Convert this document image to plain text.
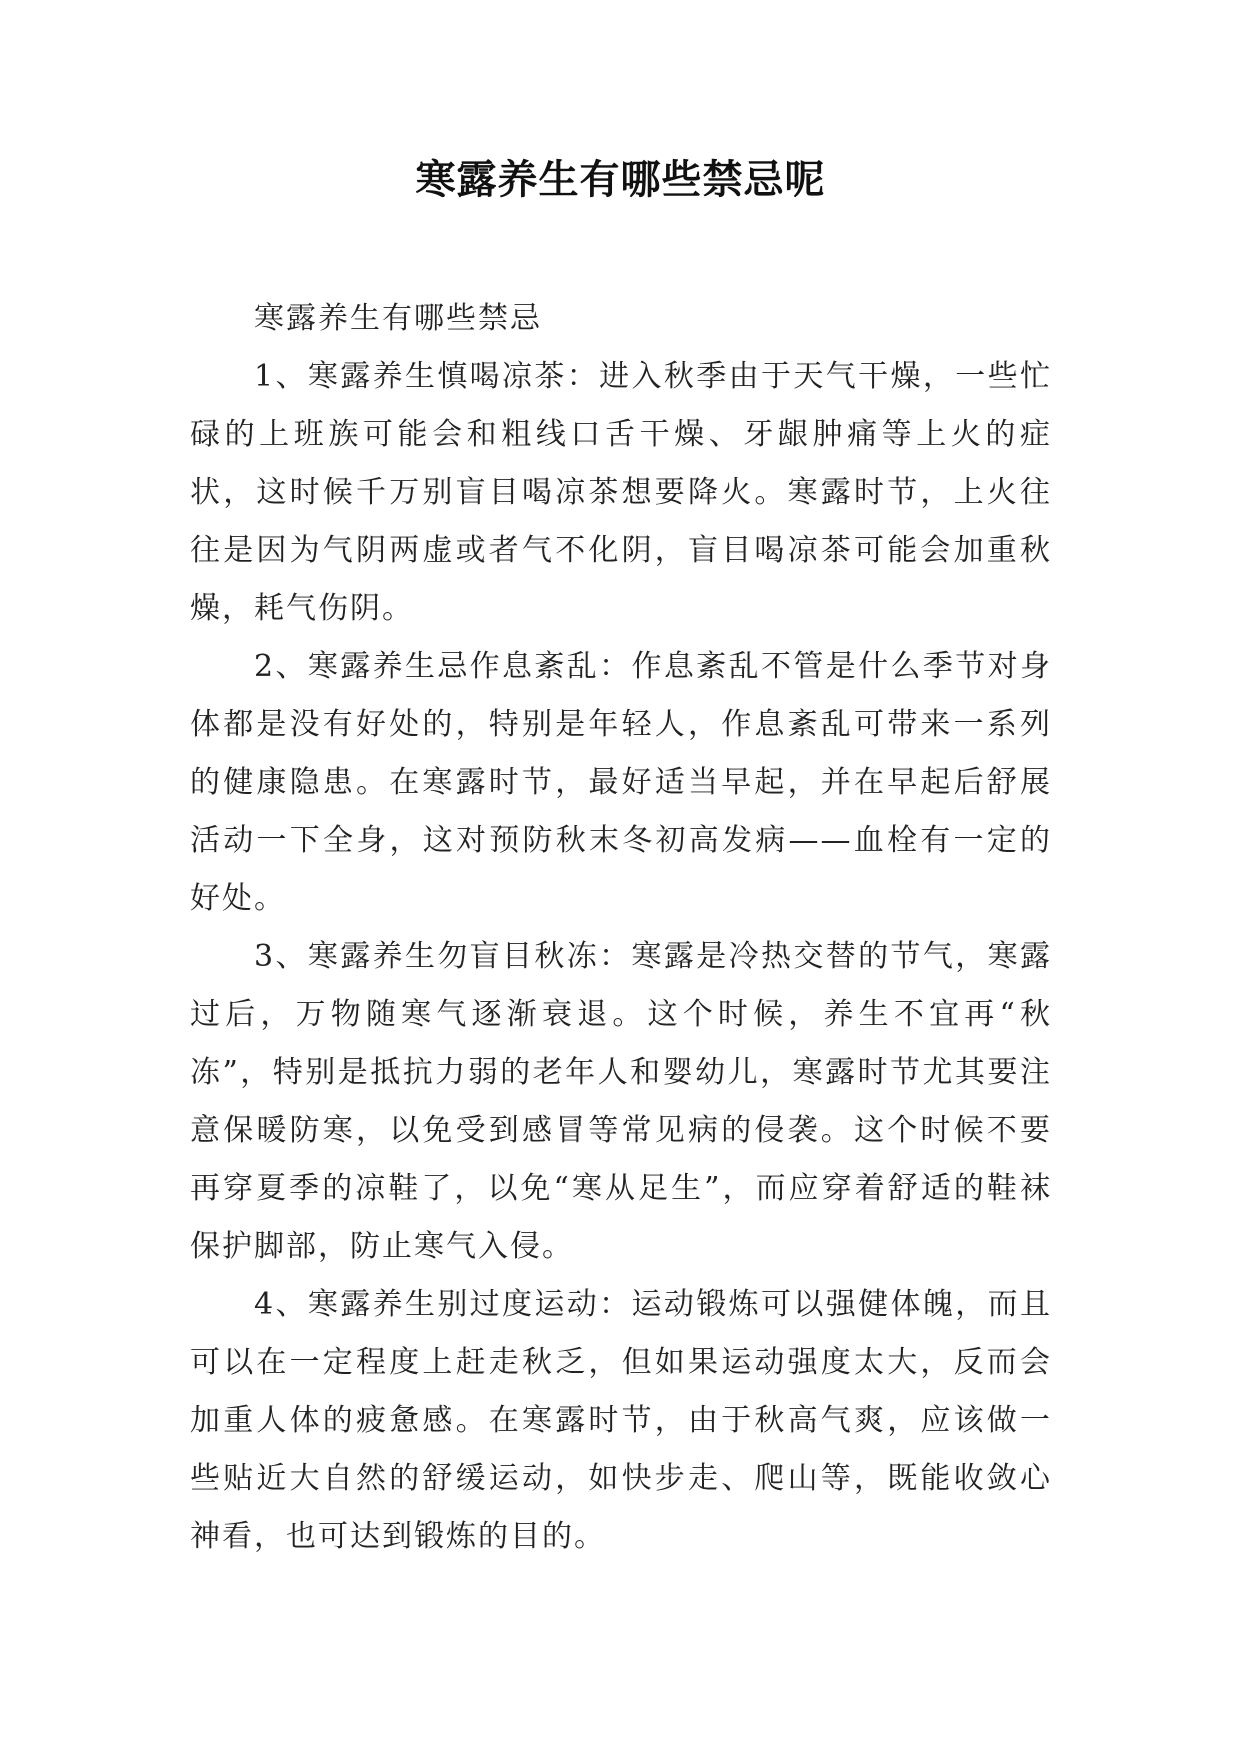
寒露养生有哪些禁忌呢

寒露养生有哪些禁忌

1、寒露养生慎喝凉茶：进入秋季由于天气干燥，一些忙碌的上班族可能会和粗线口舌干燥、牙龈肿痛等上火的症状，这时候千万别盲目喝凉茶想要降火。寒露时节，上火往往是因为气阴两虚或者气不化阴，盲目喝凉茶可能会加重秋燥，耗气伤阴。

2、寒露养生忌作息紊乱：作息紊乱不管是什么季节对身体都是没有好处的，特别是年轻人，作息紊乱可带来一系列的健康隐患。在寒露时节，最好适当早起，并在早起后舒展活动一下全身，这对预防秋末冬初高发病——血栓有一定的好处。

3、寒露养生勿盲目秋冻：寒露是冷热交替的节气，寒露过后，万物随寒气逐渐衰退。这个时候，养生不宜再“秋冻”，特别是抵抗力弱的老年人和婴幼儿，寒露时节尤其要注意保暖防寒，以免受到感冒等常见病的侵袭。这个时候不要再穿夏季的凉鞋了，以免“寒从足生”，而应穿着舒适的鞋袜保护脚部，防止寒气入侵。

4、寒露养生别过度运动：运动锻炼可以强健体魄，而且可以在一定程度上赶走秋乏，但如果运动强度太大，反而会加重人体的疲惫感。在寒露时节，由于秋高气爽，应该做一些贴近大自然的舒缓运动，如快步走、爬山等，既能收敛心神看，也可达到锻炼的目的。
